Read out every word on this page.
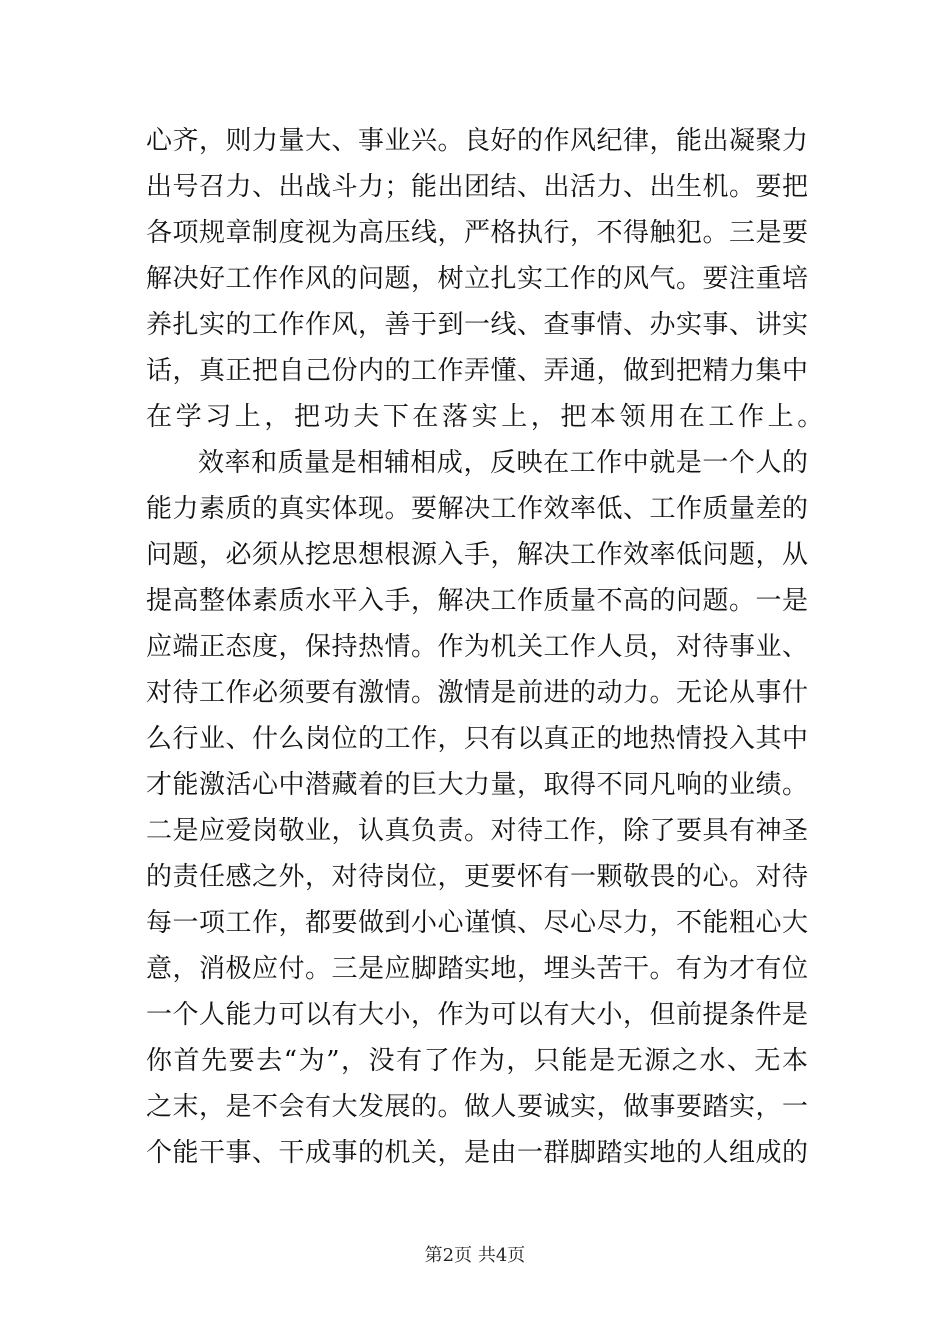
心齐，则力量大、事业兴。良好的作风纪律，能出凝聚力
出号召力、出战斗力；能出团结、出活力、出生机。要把
各项规章制度视为高压线，严格执行，不得触犯。三是要
解决好工作作风的问题，树立扎实工作的风气。要注重培
养扎实的工作作风，善于到一线、查事情、办实事、讲实
话，真正把自己份内的工作弄懂、弄通，做到把精力集中
在学习上，把功夫下在落实上，把本领用在工作上。
效率和质量是相辅相成，反映在工作中就是一个人的
能力素质的真实体现。要解决工作效率低、工作质量差的
问题，必须从挖思想根源入手，解决工作效率低问题，从
提高整体素质水平入手，解决工作质量不高的问题。一是
应端正态度，保持热情。作为机关工作人员，对待事业、
对待工作必须要有激情。激情是前进的动力。无论从事什
么行业、什么岗位的工作，只有以真正的地热情投入其中
才能激活心中潜藏着的巨大力量，取得不同凡响的业绩。
二是应爱岗敬业，认真负责。对待工作，除了要具有神圣
的责任感之外，对待岗位，更要怀有一颗敬畏的心。对待
每一项工作，都要做到小心谨慎、尽心尽力，不能粗心大
意，消极应付。三是应脚踏实地，埋头苦干。有为才有位
一个人能力可以有大小，作为可以有大小，但前提条件是
你首先要去“为”，没有了作为，只能是无源之水、无本
之末，是不会有大发展的。做人要诚实，做事要踏实，一
个能干事、干成事的机关，是由一群脚踏实地的人组成的
第2页 共4页
